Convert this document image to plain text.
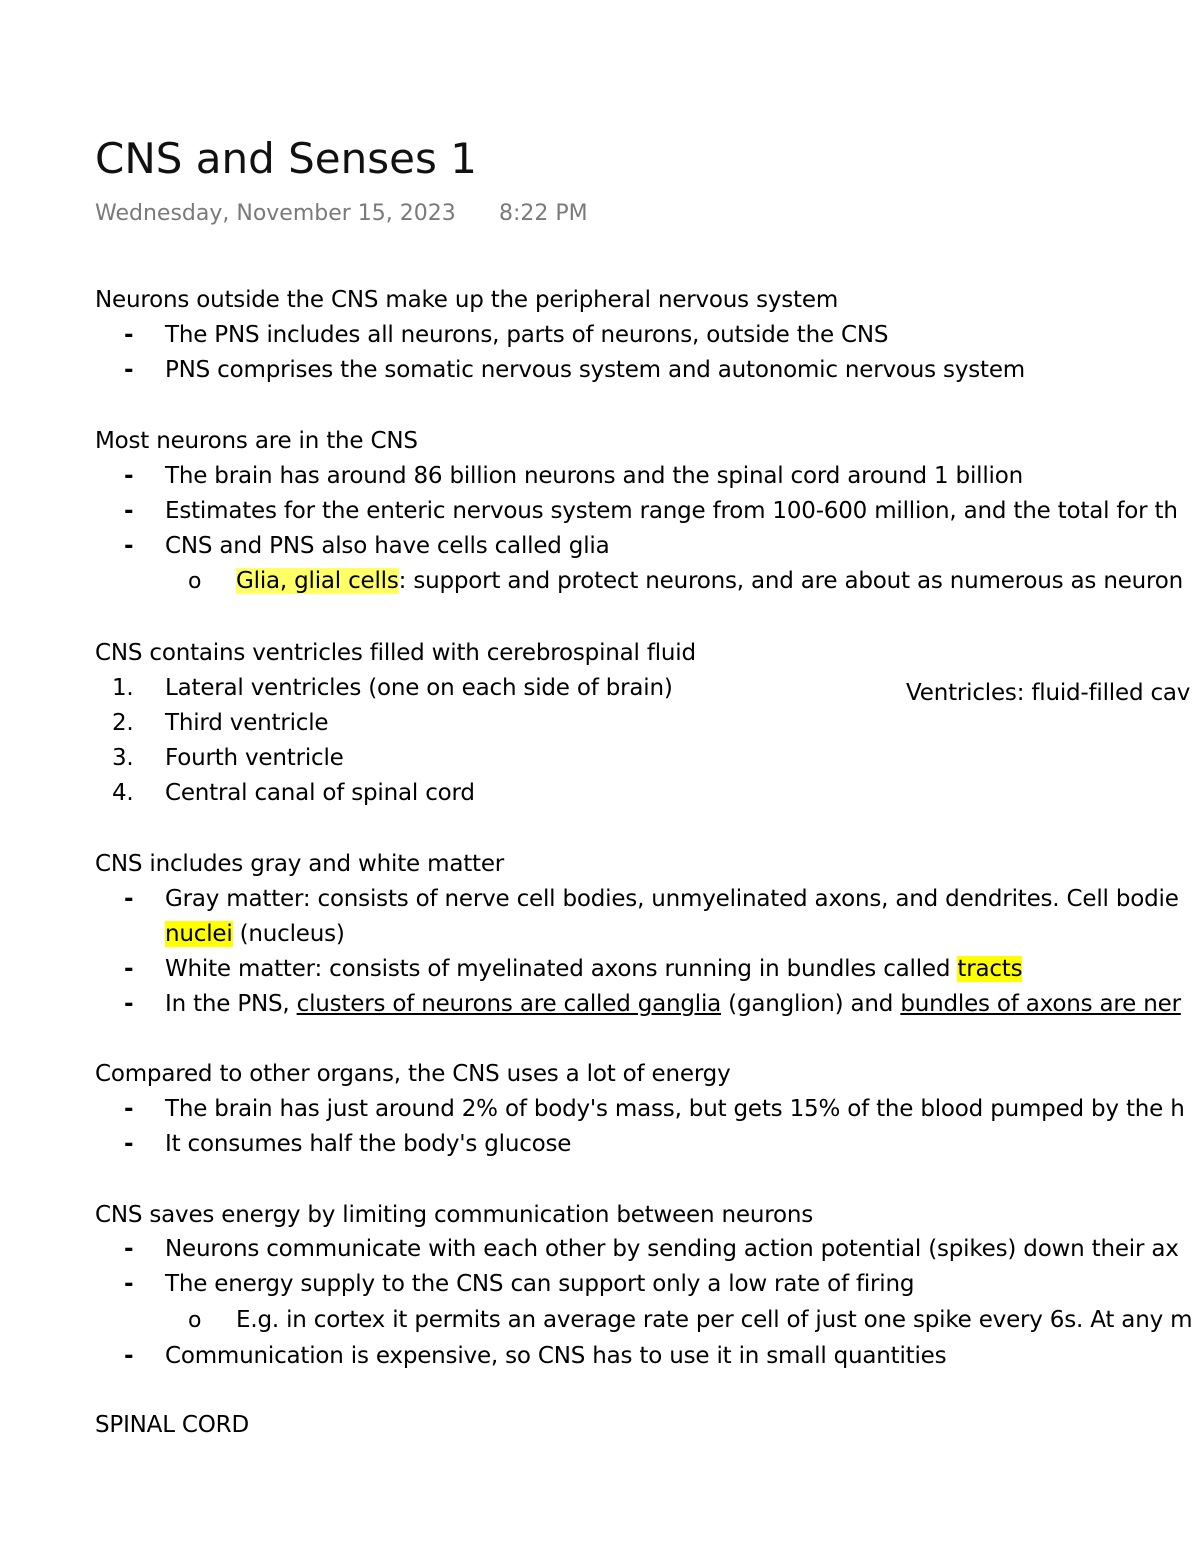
CNS and Senses 1
Wednesday, November 15, 2023 8:22 PM
Neurons outside the CNS make up the peripheral nervous system
-	The PNS includes all neurons, parts of neurons, outside the CNS
-	PNS comprises the somatic nervous system and autonomic nervous system
Most neurons are in the CNS
-	The brain has around 86 billion neurons and the spinal cord around 1 billion
-	Estimates for the enteric nervous system range from 100-600 million, and the total for th
-	CNS and PNS also have cells called glia
o Glia, glial cells: support and protect neurons, and are about as numerous as neuron
CNS contains ventricles filled with cerebrospinal fluid
1.	Lateral ventricles (one on each side of brain)	Ventricles: fluid-filled cav
2.	Third ventricle
3.	Fourth ventricle
4.	Central canal of spinal cord
CNS includes gray and white matter
-	Gray matter: consists of nerve cell bodies, unmyelinated axons, and dendrites. Cell bodie
nuclei (nucleus)
-	White matter: consists of myelinated axons running in bundles called tracts
-	In the PNS, clusters of neurons are called ganglia (ganglion) and bundles of axons are ner
Compared to other organs, the CNS uses a lot of energy
-	The brain has just around 2% of body's mass, but gets 15% of the blood pumped by the h
-	It consumes half the body's glucose
CNS saves energy by limiting communication between neurons
-	Neurons communicate with each other by sending action potential (spikes) down their ax
-	The energy supply to the CNS can support only a low rate of firing
o E.g. in cortex it permits an average rate per cell of just one spike every 6s. At any m
-	Communication is expensive, so CNS has to use it in small quantities
SPINAL CORD
